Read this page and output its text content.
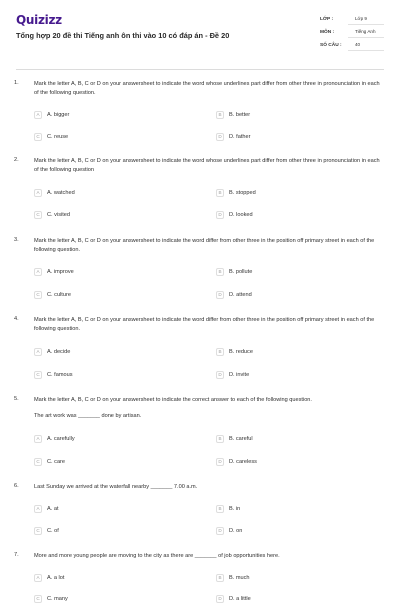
Quizizz
Tổng hợp 20 đề thi Tiếng anh ôn thi vào 10 có đáp án - Đề 20
LỚP :	Lớp 9
MÔN :	Tiếng Anh
SỐ CÂU :	40
1.	Mark the letter A, B, C or D on your answersheet to indicate the word whose underlines part differ from other three in pronounciation in each of the following question.
A	A. bigger	B	B. better
C	C. reuse	D	D. father
2.	Mark the letter A, B, C or D on your answersheet to indicate the word whose underlines part differ from other three in pronounciation in each of the following question
A	A. watched	B	B. stopped
C	C. visited	D	D. looked
3.	Mark the letter A, B, C or D on your answersheet to indicate the word differ from other three in the position off primary street in each of the following question.
A	A. improve	B	B. pollute
C	C. culture	D	D. attend
4.	Mark the letter A, B, C or D on your answersheet to indicate the word differ from other three in the position off primary street in each of the following question.
A	A. decide	B	B. reduce
C	C. famous	D	D. invite
5.	Mark the letter A, B, C or D on your answersheet to indicate the correct answer to each of the following question.
The art work was _______ done by artisan.
A	A. carefully	B	B. careful
C	C. care	D	D. careless
6.	Last Sunday we arrived at the waterfall nearby _______ 7.00 a.m.
A	A. at	B	B. in
C	C. of	D	D. on
7.	More and more young people are moving to the city as there are _______ of job opportunities here.
A	A. a lot	B	B. much
C	C. many	D	D. a little
